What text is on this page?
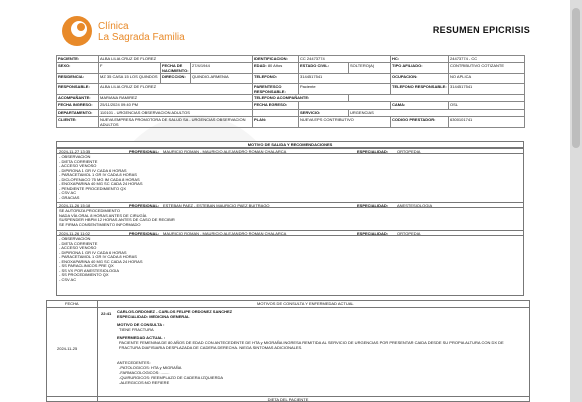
Clínica
La Sagrada Familia
RESUMEN EPICRISIS
PACIENTE:	ALBA LILIA CRUZ DE FLOREZ			IDENTIFICACION:	CC 24473774		HC:	24473774 - CC
SEXO:	F	FECHA DE NACIMIENTO:	27/4/1944	EDAD: 80 Años	ESTADO CIVIL:	SOLTERO(A)	TIPO AFILIADO:	CONTRIBUTIVO COTIZANTE
RESIDENCIA:	MZ 35 CASA 15 LOS QUINDOS	DIRECCION:	QUINDIO-ARMENIA	TELEFONO:	3144517541		OCUPACION:	NO APLICA
RESPONSABLE:	ALBA LILIA CRUZ DE FLOREZ			PARENTESCO RESPONSABLE:	Paciente		TELEFONO RESPONSABLE:	3144517541
ACOMPAÑANTE:	MARIANA RAMIREZ			TELEFONO ACOMPAÑANTE:				
FECHA INGRESO:	25/11/2024 09:40 PM			FECHA EGRESO:			CAMA:	OSL
DEPARTAMENTO:	110101 - URGENCIAS OBSERVACION ADULTOS				SERVICIO:	URGENCIAS		
CLIENTE:	NUEVA EMPRESA PROMOTORA DE SALUD SA - URGENCIAS OBSERVACION ADULTOS			PLAN:	NUEVA EPS CONTRIBUTIVO		CODIGO PRESTADOR:	6300101741
MOTIVO DE SALIDA Y RECOMENDACIONES
2024-11-27 13:35	PROFESIONAL: MAURICIO ROMAN - MAURICIO ALEJANDRO ROMAN CHALARCA	ESPECIALIDAD: ORTOPEDIA
- OBSERVACION
- DIETA CORRIENTE
- ACCESO VENOSO
- DIPIRONA 1 GR IV CADA 6 HORAS
- PARACETAMOL 1 GR IV CADA 8 HORAS
- DICLOFENACO 75 MG IM CADA 8 HORAS
- ENOXAPARINA 40 MG SC CADA 24 HORAS
- PENDIENTE PROCEDIMIENTO QX
- CSV AC
- GRACIAS
2024-11-26 15:18	PROFESIONAL: ESTEBAN PAEZ - ESTEBAN MAURICIO PAEZ BUITRAGO	ESPECIALIDAD: ANESTESIOLOGIA
SE AUTORIZA PROCEDIMIENTO
NADA VÍA ORAL 8 HORAS ANTES DE CIRUGÍA
SUSPENDER HBPM 12 HORAS ANTES DE CASO DE RECIBIR
SE FIRMA CONSENTIMIENTO INFORMADO
2024-11-26 11:02	PROFESIONAL: MAURICIO ROMAN - MAURICIO ALEJANDRO ROMAN CHALARCA	ESPECIALIDAD: ORTOPEDIA
- OBSERVACION
- DIETA CORRIENTE
- ACCESO VENOSO
- DIPIRONA 1 GR IV CADA 6 HORAS
- PARACETAMOL 1 GR IV CADA 8 HORAS
- ENOXAPARINA 40 MG SC CADA 24 HORAS
- SS PARACLINICOS PRE QX
- SS VX POR ANESTESIOLOGIA
- SS PROCEDIMIENTO QX
- CSV AC
FECHA	MOTIVOS DE CONSULTA Y ENFERMEDAD ACTUAL
2024-11-25
22:41 CARLOS.ORDONEZ - CARLOS FELIPE ORDONEZ SANCHEZ
ESPECIALIDAD: MEDICINA GENERAL
MOTIVO DE CONSULTA :
TIENE FRACTURA
ENFERMEDAD ACTUAL :
PACIENTE FEMENINA DE 80 AÑOS DE EDAD CON ANTECEDENTE DE HTA y MIGRAÑA INGRESA REMITIDA AL SERVICIO DE URGENCIAS POR PRESENTAR CAIDA DESDE SU PROPIA ALTURA CON DX DE FRACTURA DIAFISIARIA DESPLAZADA DE CADERA DERECHA. NIEGA SINTOMAS ADICIONALES.
ANTECEDENTES:
-PATOLOGICOS: HTA y MIGRAÑA
-FARMACOLOGICOS: ........
-QUIRURGICOS: REEMPLAZO DE CADERA IZQUIERDA
-ALERGICOS:NO REFIERE
DIETA DEL PACIENTE
